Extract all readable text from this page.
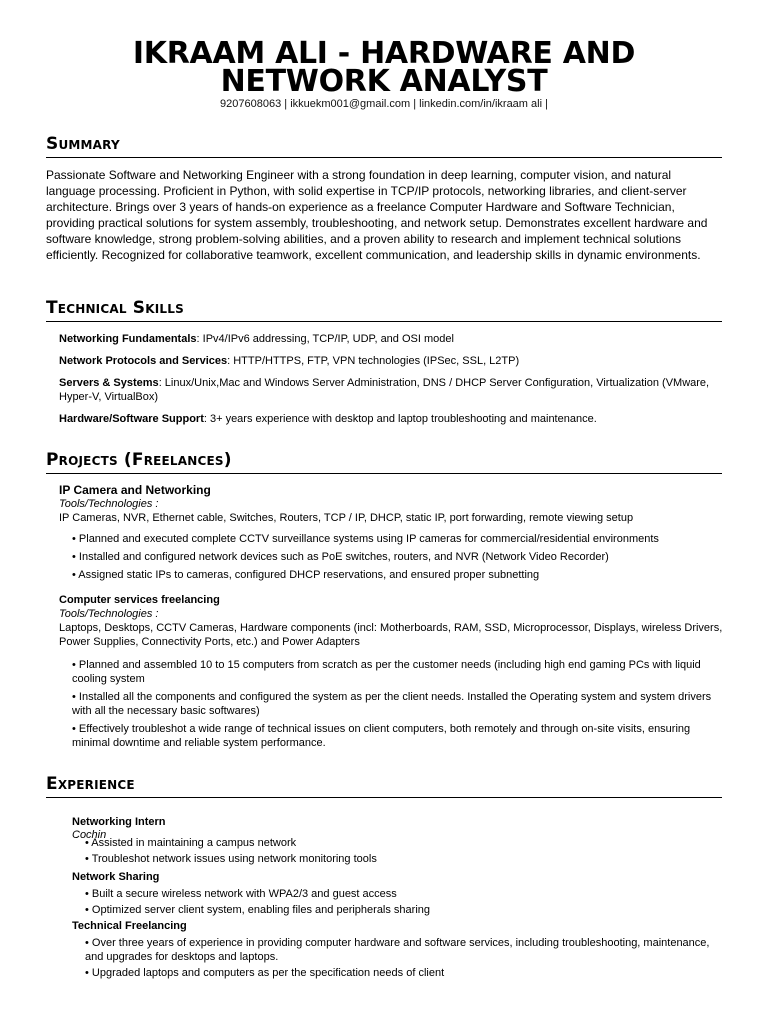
IKRAAM ALI - HARDWARE AND NETWORK ANALYST
9207608063 | ikkuekm001@gmail.com | linkedin.com/in/ikraam ali |
Summary

Passionate Software and Networking Engineer with a strong foundation in deep learning, computer vision, and natural language processing. Proficient in Python, with solid expertise in TCP/IP protocols, networking libraries, and client-server architecture. Brings over 3 years of hands-on experience as a freelance Computer Hardware and Software Technician, providing practical solutions for system assembly, troubleshooting, and network setup. Demonstrates excellent hardware and software knowledge, strong problem-solving abilities, and a proven ability to research and implement technical solutions efficiently. Recognized for collaborative teamwork, excellent communication, and leadership skills in dynamic environments.

Technical Skills

Networking Fundamentals: IPv4/IPv6 addressing, TCP/IP, UDP, and OSI model

Network Protocols and Services: HTTP/HTTPS, FTP, VPN technologies (IPSec, SSL, L2TP)

Servers & Systems: Linux/Unix,Mac and Windows Server Administration, DNS / DHCP Server Configuration, Virtualization (VMware, Hyper-V, VirtualBox)

Hardware/Software Support: 3+ years experience with desktop and laptop troubleshooting and maintenance.

Projects (Freelances)

IP Camera and Networking

Tools/Technologies :

IP Cameras, NVR, Ethernet cable, Switches, Routers, TCP / IP, DHCP, static IP, port forwarding, remote viewing setup

• Planned and executed complete CCTV surveillance systems using IP cameras for commercial/residential environments
• Installed and configured network devices such as PoE switches, routers, and NVR (Network Video Recorder)
• Assigned static IPs to cameras, configured DHCP reservations, and ensured proper subnetting

Computer services freelancing

Tools/Technologies :

Laptops, Desktops, CCTV Cameras, Hardware components (incl: Motherboards, RAM, SSD, Microprocessor, Displays, wireless Drivers, Power Supplies, Connectivity Ports, etc.) and Power Adapters

• Planned and assembled 10 to 15 computers from scratch as per the customer needs (including high end gaming PCs with liquid cooling system
• Installed all the components and configured the system as per the client needs. Installed the Operating system and system drivers with all the necessary basic softwares)
• Effectively troubleshot a wide range of technical issues on client computers, both remotely and through on-site visits, ensuring minimal downtime and reliable system performance.
Experience

Networking Intern

Cochin

• Assisted in maintaining a campus network
• Troubleshot network issues using network monitoring tools

Network Sharing

• Built a secure wireless network with WPA2/3 and guest access
• Optimized server client system, enabling files and peripherals sharing

Technical Freelancing

• Over three years of experience in providing computer hardware and software services, including troubleshooting, maintenance, and upgrades for desktops and laptops.
• Upgraded laptops and computers as per the specification needs of client
